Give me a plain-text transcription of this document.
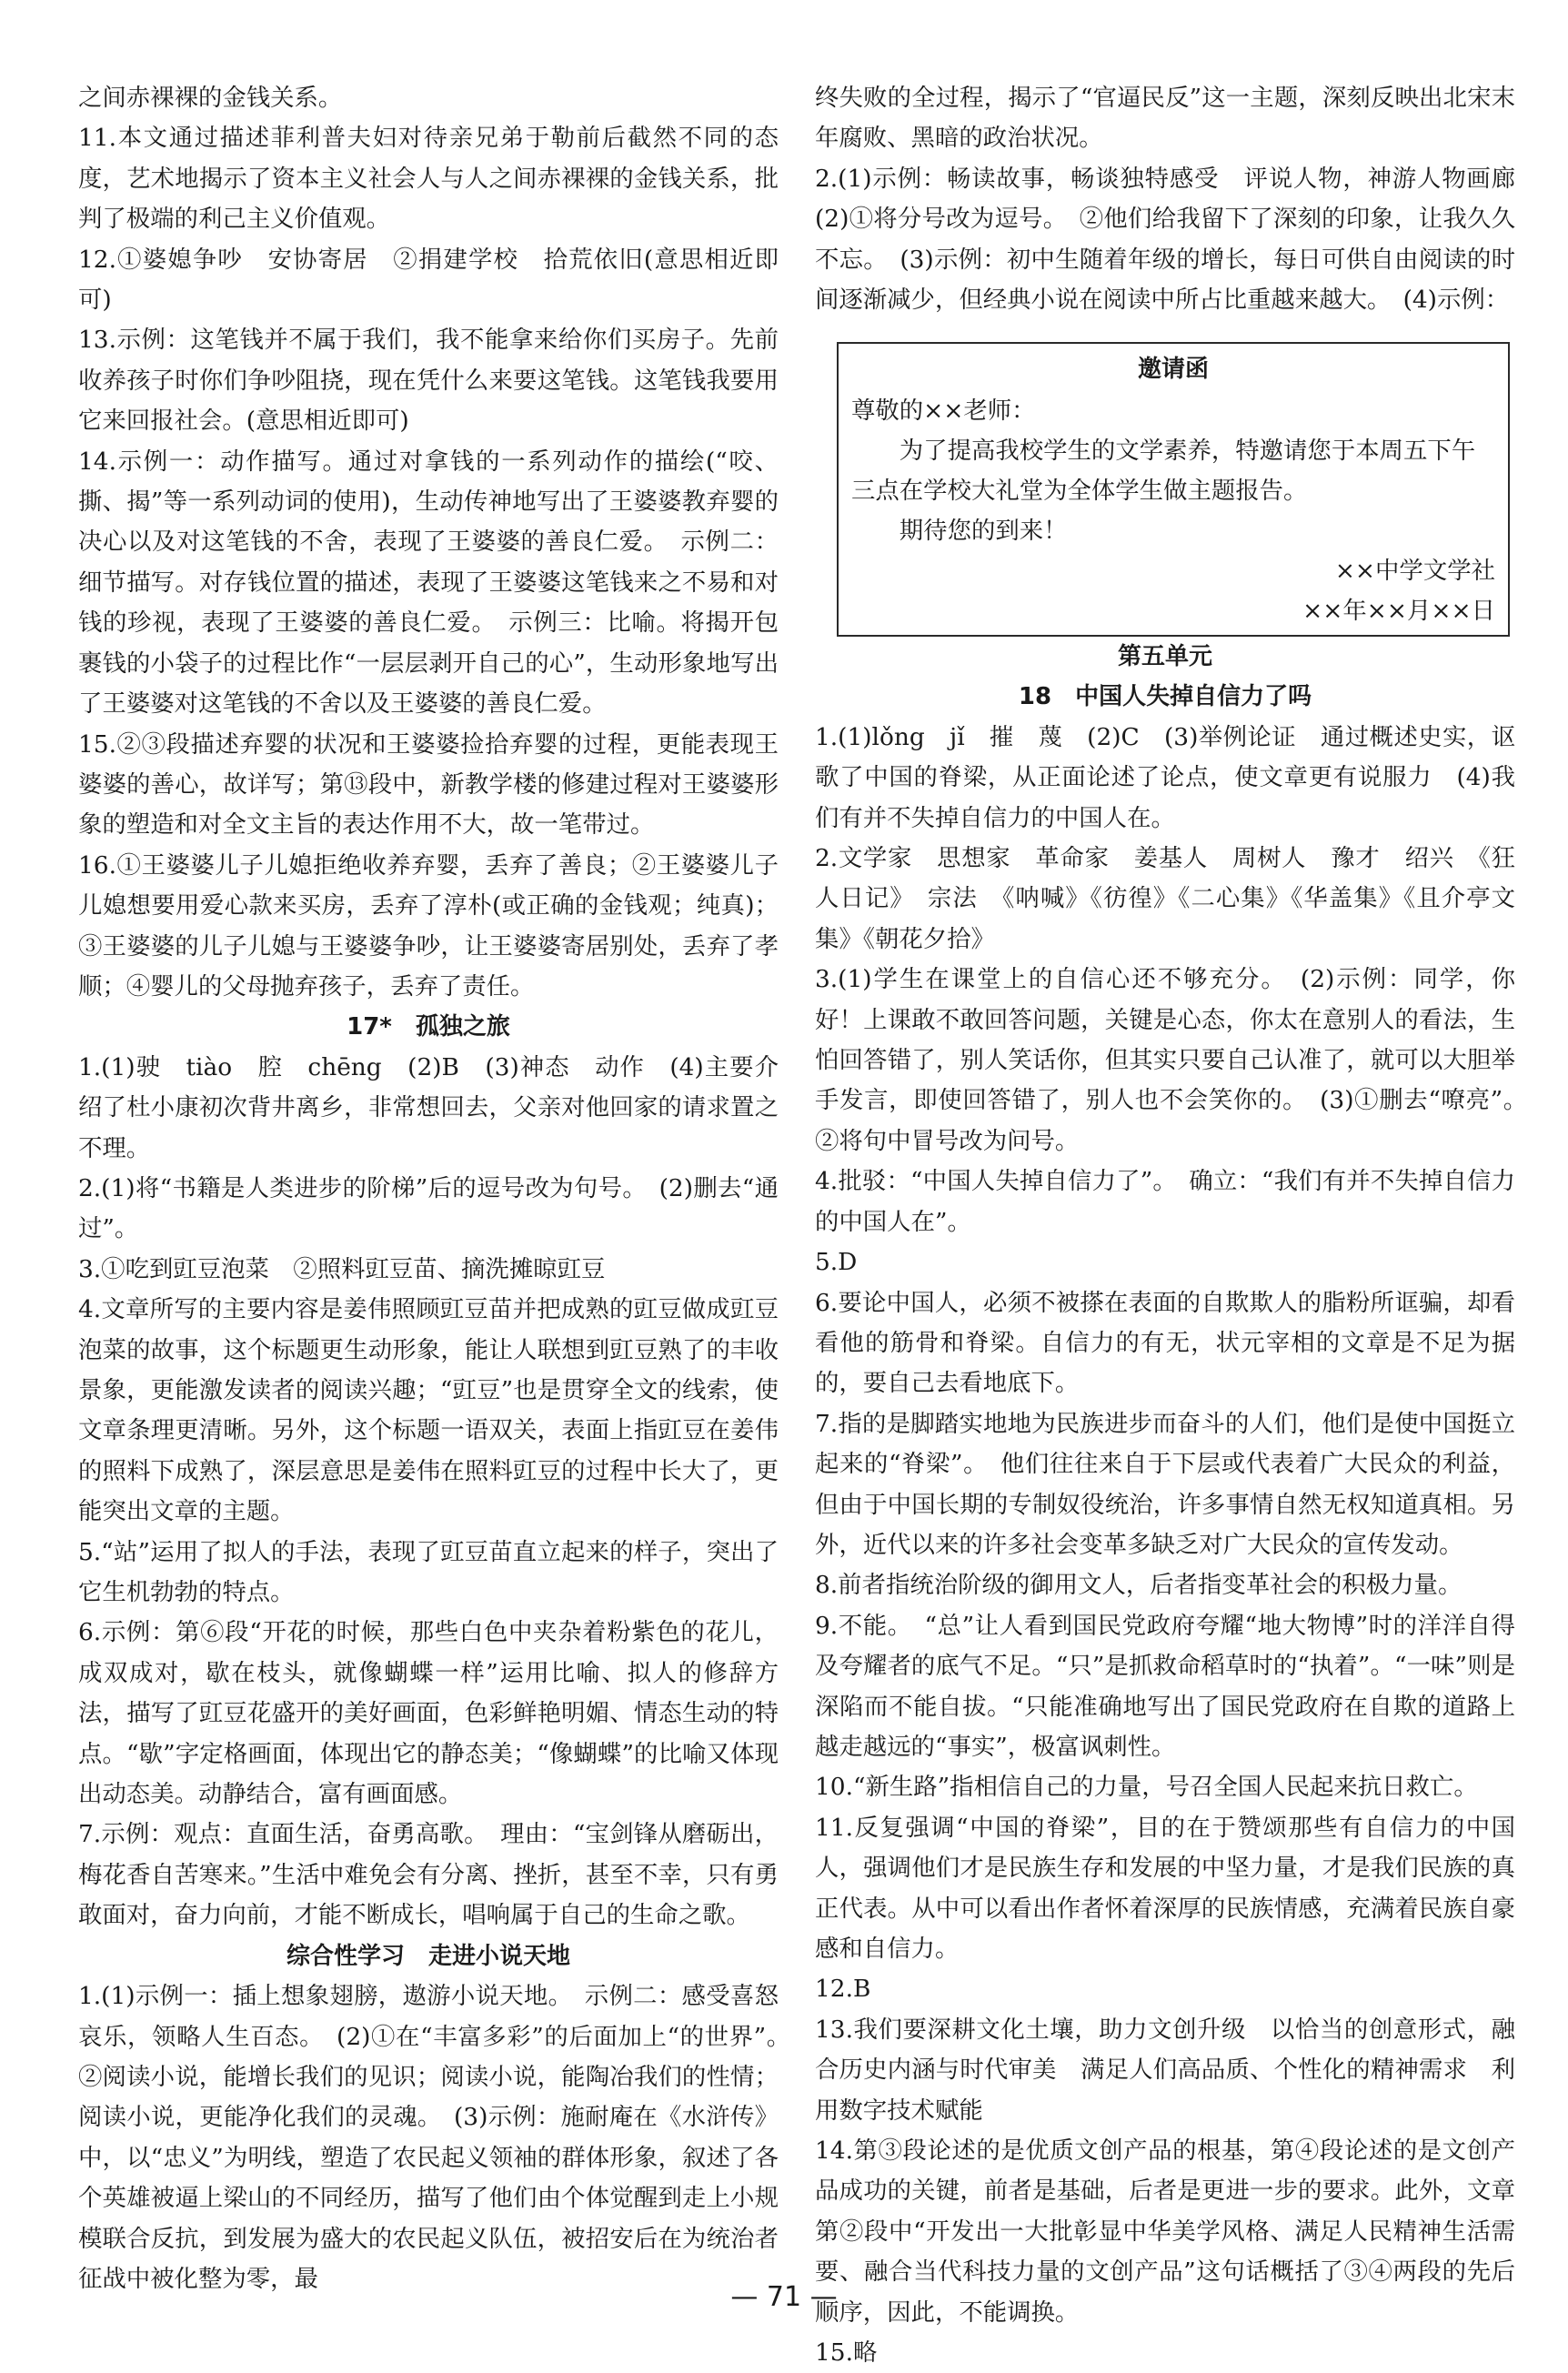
之间赤裸裸的金钱关系。

11.本文通过描述菲利普夫妇对待亲兄弟于勒前后截然不同的态度，艺术地揭示了资本主义社会人与人之间赤裸裸的金钱关系，批判了极端的利己主义价值观。

12.①婆媳争吵　安协寄居　②捐建学校　拾荒依旧(意思相近即可)

13.示例：这笔钱并不属于我们，我不能拿来给你们买房子。先前收养孩子时你们争吵阻挠，现在凭什么来要这笔钱。这笔钱我要用它来回报社会。(意思相近即可)

14.示例一：动作描写。通过对拿钱的一系列动作的描绘(“咬、撕、揭”等一系列动词的使用)，生动传神地写出了王婆婆教弃婴的决心以及对这笔钱的不舍，表现了王婆婆的善良仁爱。　示例二：细节描写。对存钱位置的描述，表现了王婆婆这笔钱来之不易和对钱的珍视，表现了王婆婆的善良仁爱。　示例三：比喻。将揭开包裹钱的小袋子的过程比作“一层层剥开自己的心”，生动形象地写出了王婆婆对这笔钱的不舍以及王婆婆的善良仁爱。

15.②③段描述弃婴的状况和王婆婆捡拾弃婴的过程，更能表现王婆婆的善心，故详写；第⑬段中，新教学楼的修建过程对王婆婆形象的塑造和对全文主旨的表达作用不大，故一笔带过。

16.①王婆婆儿子儿媳拒绝收养弃婴，丢弃了善良；②王婆婆儿子儿媳想要用爱心款来买房，丢弃了淳朴(或正确的金钱观；纯真)；③王婆婆的儿子儿媳与王婆婆争吵，让王婆婆寄居别处，丢弃了孝顺；④婴儿的父母抛弃孩子，丢弃了责任。

17*　孤独之旅

1.(1)驶　tiào　腔　chēng　(2)B　(3)神态　动作　(4)主要介绍了杜小康初次背井离乡，非常想回去，父亲对他回家的请求置之不理。

2.(1)将“书籍是人类进步的阶梯”后的逗号改为句号。　(2)删去“通过”。

3.①吃到豇豆泡菜　②照料豇豆苗、摘洗摊晾豇豆

4.文章所写的主要内容是姜伟照顾豇豆苗并把成熟的豇豆做成豇豆泡菜的故事，这个标题更生动形象，能让人联想到豇豆熟了的丰收景象，更能激发读者的阅读兴趣；“豇豆”也是贯穿全文的线索，使文章条理更清晰。另外，这个标题一语双关，表面上指豇豆在姜伟的照料下成熟了，深层意思是姜伟在照料豇豆的过程中长大了，更能突出文章的主题。

5.“站”运用了拟人的手法，表现了豇豆苗直立起来的样子，突出了它生机勃勃的特点。

6.示例：第⑥段“开花的时候，那些白色中夹杂着粉紫色的花儿，成双成对，歇在枝头，就像蝴蝶一样”运用比喻、拟人的修辞方法，描写了豇豆花盛开的美好画面，色彩鲜艳明媚、情态生动的特点。“歇”字定格画面，体现出它的静态美；“像蝴蝶”的比喻又体现出动态美。动静结合，富有画面感。

7.示例：观点：直面生活，奋勇高歌。　理由：“宝剑锋从磨砺出，梅花香自苦寒来。”生活中难免会有分离、挫折，甚至不幸，只有勇敢面对，奋力向前，才能不断成长，唱响属于自己的生命之歌。

综合性学习　走进小说天地

1.(1)示例一：插上想象翅膀，遨游小说天地。　示例二：感受喜怒哀乐，领略人生百态。　(2)①在“丰富多彩”的后面加上“的世界”。　②阅读小说，能增长我们的见识；阅读小说，能陶冶我们的性情；阅读小说，更能净化我们的灵魂。　(3)示例：施耐庵在《水浒传》中，以“忠义”为明线，塑造了农民起义领袖的群体形象，叙述了各个英雄被逼上梁山的不同经历，描写了他们由个体觉醒到走上小规模联合反抗，到发展为盛大的农民起义队伍，被招安后在为统治者征战中被化整为零，最

终失败的全过程，揭示了“官逼民反”这一主题，深刻反映出北宋末年腐败、黑暗的政治状况。

2.(1)示例：畅读故事，畅谈独特感受　评说人物，神游人物画廊　(2)①将分号改为逗号。　②他们给我留下了深刻的印象，让我久久不忘。　(3)示例：初中生随着年级的增长，每日可供自由阅读的时间逐渐减少，但经典小说在阅读中所占比重越来越大。　(4)示例：

邀请函

尊敬的××老师：

为了提高我校学生的文学素养，特邀请您于本周五下午三点在学校大礼堂为全体学生做主题报告。

期待您的到来！

××中学文学社

××年××月××日

第五单元
18　中国人失掉自信力了吗

1.(1)lǒng　jǐ　摧　蔑　(2)C　(3)举例论证　通过概述史实，讴歌了中国的脊梁，从正面论述了论点，使文章更有说服力　(4)我们有并不失掉自信力的中国人在。

2.文学家　思想家　革命家　姜基人　周树人　豫才　绍兴　《狂人日记》　宗法　《呐喊》《彷徨》《二心集》《华盖集》《且介亭文集》《朝花夕拾》

3.(1)学生在课堂上的自信心还不够充分。　(2)示例：同学，你好！上课敢不敢回答问题，关键是心态，你太在意别人的看法，生怕回答错了，别人笑话你，但其实只要自己认准了，就可以大胆举手发言，即使回答错了，别人也不会笑你的。　(3)①删去“嘹亮”。　②将句中冒号改为问号。

4.批驳：“中国人失掉自信力了”。　确立：“我们有并不失掉自信力的中国人在”。

5.D

6.要论中国人，必须不被搽在表面的自欺欺人的脂粉所诓骗，却看看他的筋骨和脊梁。自信力的有无，状元宰相的文章是不足为据的，要自己去看地底下。

7.指的是脚踏实地地为民族进步而奋斗的人们，他们是使中国挺立起来的“脊梁”。　他们往往来自于下层或代表着广大民众的利益，但由于中国长期的专制奴役统治，许多事情自然无权知道真相。另外，近代以来的许多社会变革多缺乏对广大民众的宣传发动。

8.前者指统治阶级的御用文人，后者指变革社会的积极力量。

9.不能。　“总”让人看到国民党政府夸耀“地大物博”时的洋洋自得及夸耀者的底气不足。“只”是抓救命稻草时的“执着”。“一味”则是深陷而不能自拔。“只能准确地写出了国民党政府在自欺的道路上越走越远的“事实”，极富讽刺性。

10.“新生路”指相信自己的力量，号召全国人民起来抗日救亡。

11.反复强调“中国的脊梁”，目的在于赞颂那些有自信力的中国人，强调他们才是民族生存和发展的中坚力量，才是我们民族的真正代表。从中可以看出作者怀着深厚的民族情感，充满着民族自豪感和自信力。

12.B

13.我们要深耕文化土壤，助力文创升级　以恰当的创意形式，融合历史内涵与时代审美　满足人们高品质、个性化的精神需求　利用数字技术赋能

14.第③段论述的是优质文创产品的根基，第④段论述的是文创产品成功的关键，前者是基础，后者是更进一步的要求。此外，文章第②段中“开发出一大批彰显中华美学风格、满足人民精神生活需要、融合当代科技力量的文创产品”这句话概括了③④两段的先后顺序，因此，不能调换。

15.略

— 71 —
